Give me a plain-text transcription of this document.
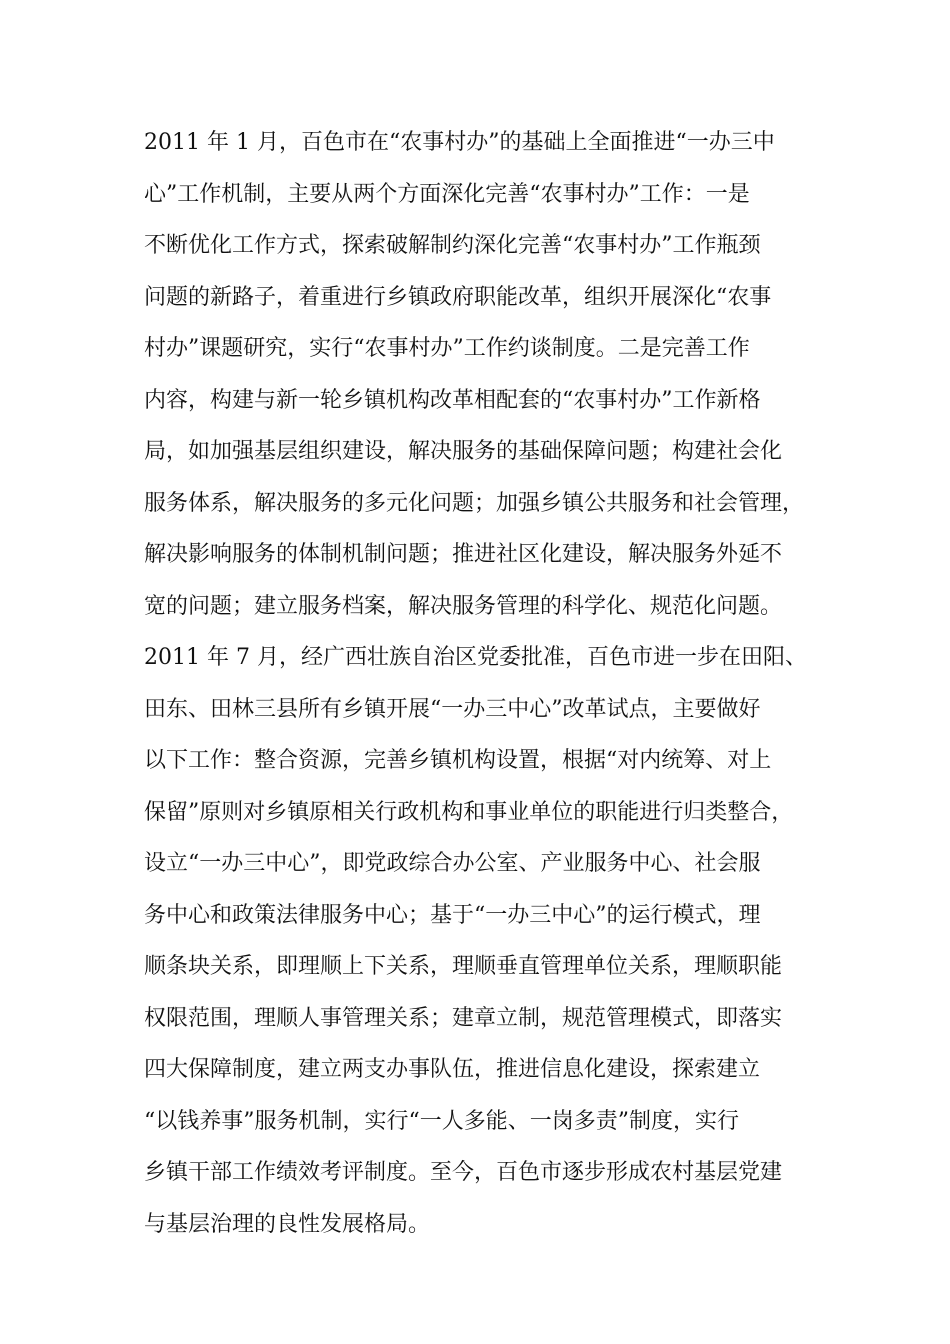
2011 年 1 月，百色市在“农事村办”的基础上全面推进“一办三中
心”工作机制，主要从两个方面深化完善“农事村办”工作：一是
不断优化工作方式，探索破解制约深化完善“农事村办”工作瓶颈
问题的新路子，着重进行乡镇政府职能改革，组织开展深化“农事
村办”课题研究，实行“农事村办”工作约谈制度。二是完善工作
内容，构建与新一轮乡镇机构改革相配套的“农事村办”工作新格
局，如加强基层组织建设，解决服务的基础保障问题；构建社会化
服务体系，解决服务的多元化问题；加强乡镇公共服务和社会管理，
解决影响服务的体制机制问题；推进社区化建设，解决服务外延不
宽的问题；建立服务档案，解决服务管理的科学化、规范化问题。
2011 年 7 月，经广西壮族自治区党委批准，百色市进一步在田阳、
田东、田林三县所有乡镇开展“一办三中心”改革试点，主要做好
以下工作：整合资源，完善乡镇机构设置，根据“对内统筹、对上
保留”原则对乡镇原相关行政机构和事业单位的职能进行归类整合，
设立“一办三中心”，即党政综合办公室、产业服务中心、社会服
务中心和政策法律服务中心；基于“一办三中心”的运行模式，理
顺条块关系，即理顺上下关系，理顺垂直管理单位关系，理顺职能
权限范围，理顺人事管理关系；建章立制，规范管理模式，即落实
四大保障制度，建立两支办事队伍，推进信息化建设，探索建立
“以钱养事”服务机制，实行“一人多能、一岗多责”制度，实行
乡镇干部工作绩效考评制度。至今，百色市逐步形成农村基层党建
与基层治理的良性发展格局。
